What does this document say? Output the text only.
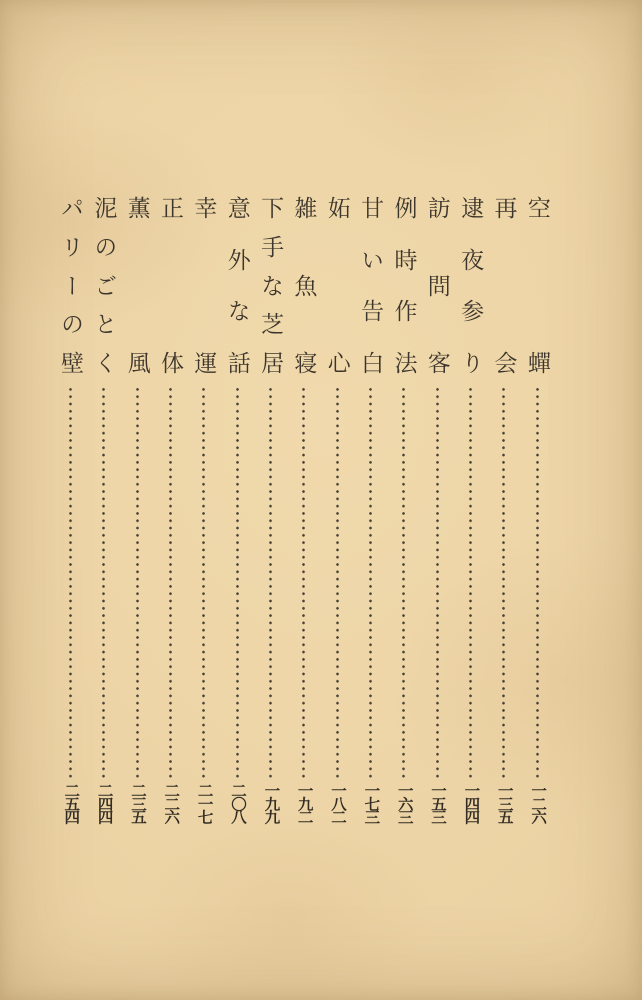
空
蟬
一二六
再
会
一三五
逮
夜
参
り
一四四
訪
問
客
一五三
例
時
作
法
一六三
甘
い
告
白
一七三
妬
心
一八二
雑
魚
寝
一九二
下
手
な
芝
居
一九九
意
外
な
話
二〇八
幸
運
二一七
正
体
二二六
薫
風
二三五
泥
の
ご
と
く
二四四
パ
リ
ー
の
壁
二五四
